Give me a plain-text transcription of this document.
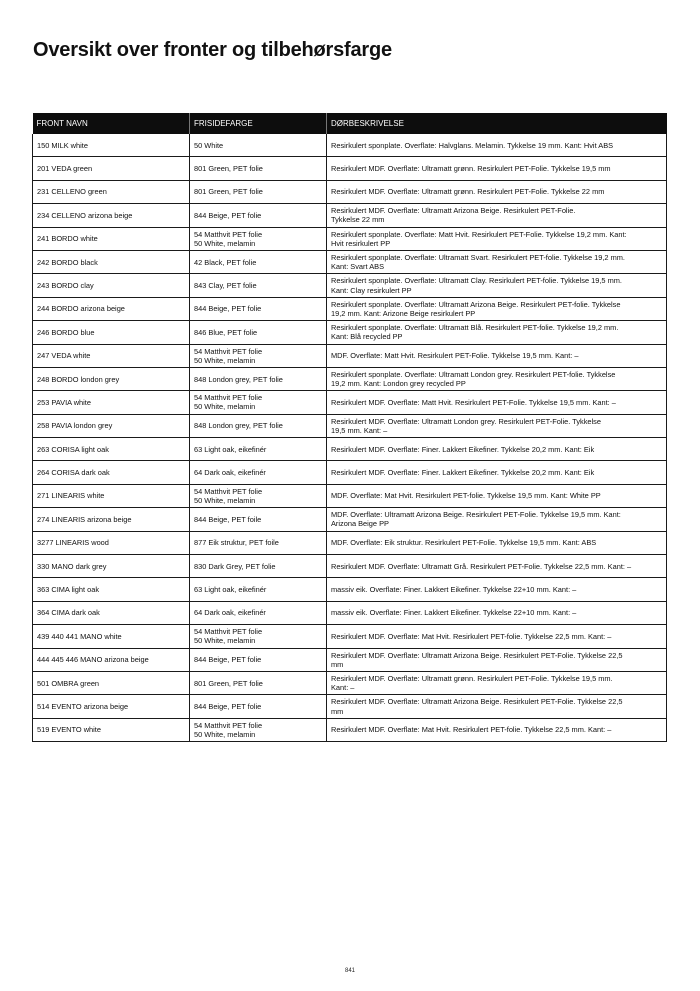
Oversikt over fronter og tilbehørsfarge
FRONT NAVN	FRISIDEFARGE	DØRBESKRIVELSE
150 MILK white	50 White	Resirkulert sponplate. Overflate: Halvglans. Melamin. Tykkelse 19 mm. Kant: Hvit ABS
201 VEDA green	801 Green, PET folie	Resirkulert MDF. Overflate: Ultramatt grønn. Resirkulert PET-Folie. Tykkelse 19,5 mm
231 CELLENO green	801 Green, PET folie	Resirkulert MDF. Overflate: Ultramatt grønn. Resirkulert PET-Folie. Tykkelse 22 mm
234 CELLENO arizona beige	844 Beige, PET folie	Resirkulert MDF. Overflate: Ultramatt Arizona Beige. Resirkulert PET-Folie.
Tykkelse 22 mm
241 BORDO white	54 Matthvit PET folie
50 White, melamin	Resirkulert sponplate. Overflate: Matt Hvit. Resirkulert PET-Folie. Tykkelse 19,2 mm. Kant:
Hvit resirkulert PP
242 BORDO black	42 Black, PET folie	Resirkulert sponplate. Overflate: Ultramatt Svart. Resirkulert PET-folie. Tykkelse 19,2 mm.
Kant: Svart ABS
243 BORDO clay	843 Clay, PET folie	Resirkulert sponplate. Overflate: Ultramatt Clay. Resirkulert PET-folie. Tykkelse 19,5 mm.
Kant: Clay resirkulert PP
244 BORDO arizona beige	844 Beige, PET folie	Resirkulert sponplate. Overflate: Ultramatt Arizona Beige. Resirkulert PET-folie. Tykkelse
19,2 mm. Kant: Arizone Beige resirkulert PP
246 BORDO blue	846 Blue, PET folie	Resirkulert sponplate. Overflate: Ultramatt Blå. Resirkulert PET-folie. Tykkelse 19,2 mm.
Kant: Blå recycled PP
247 VEDA white	54 Matthvit PET folie
50 White, melamin	MDF. Overflate: Matt Hvit. Resirkulert PET-Folie. Tykkelse 19,5 mm. Kant: –
248 BORDO london grey	848 London grey, PET folie	Resirkulert sponplate. Overflate: Ultramatt London grey. Resirkulert PET-folie. Tykkelse
19,2 mm. Kant: London grey recycled PP
253 PAVIA white	54 Matthvit PET folie
50 White, melamin	Resirkulert MDF. Overflate: Matt Hvit. Resirkulert PET-Folie. Tykkelse 19,5 mm. Kant: –
258 PAVIA london grey	848 London grey, PET folie	Resirkulert MDF. Overflate: Ultramatt London grey. Resirkulert PET-Folie. Tykkelse
19,5 mm. Kant: –
263 CORISA light oak	63 Light oak, eikefinér	Resirkulert MDF. Overflate: Finer. Lakkert Eikefiner. Tykkelse 20,2 mm. Kant: Eik
264 CORISA dark oak	64 Dark oak, eikefinér	Resirkulert MDF. Overflate: Finer. Lakkert Eikefiner. Tykkelse 20,2 mm. Kant: Eik
271 LINEARIS white	54 Matthvit PET folie
50 White, melamin	MDF. Overflate: Mat Hvit. Resirkulert PET-folie. Tykkelse 19,5 mm. Kant: White PP
274 LINEARIS arizona beige	844 Beige, PET foile	MDF. Overflate: Ultramatt Arizona Beige. Resirkulert PET-Folie. Tykkelse 19,5 mm. Kant:
Arizona Beige PP
3277 LINEARIS wood	877 Eik struktur, PET foile	MDF. Overflate: Eik struktur. Resirkulert PET-Folie. Tykkelse 19,5 mm. Kant: ABS
330 MANO dark grey	830 Dark Grey, PET folie	Resirkulert MDF. Overflate: Ultramatt Grå. Resirkulert PET-Folie. Tykkelse 22,5 mm. Kant: –
363 CIMA light oak	63 Light oak, eikefinér	massiv eik. Overflate: Finer. Lakkert Eikefiner. Tykkelse 22+10 mm. Kant: –
364 CIMA dark oak	64 Dark oak, eikefinér	massiv eik. Overflate: Finer. Lakkert Eikefiner. Tykkelse 22+10 mm. Kant: –
439 440 441 MANO white	54 Matthvit PET folie
50 White, melamin	Resirkulert MDF. Overflate: Mat Hvit. Resirkulert PET-folie. Tykkelse 22,5 mm. Kant: –
444 445 446 MANO arizona beige	844 Beige, PET folie	Resirkulert MDF. Overflate: Ultramatt Arizona Beige. Resirkulert PET-Folie. Tykkelse 22,5
mm
501 OMBRA green	801 Green, PET folie	Resirkulert MDF. Overflate: Ultramatt grønn. Resirkulert PET-Folie. Tykkelse 19,5 mm.
Kant: –
514 EVENTO arizona beige	844 Beige, PET folie	Resirkulert MDF. Overflate: Ultramatt Arizona Beige. Resirkulert PET-Folie. Tykkelse 22,5
mm
519 EVENTO white	54 Matthvit PET folie
50 White, melamin	Resirkulert MDF. Overflate: Mat Hvit. Resirkulert PET-folie. Tykkelse 22,5 mm. Kant: –
841
